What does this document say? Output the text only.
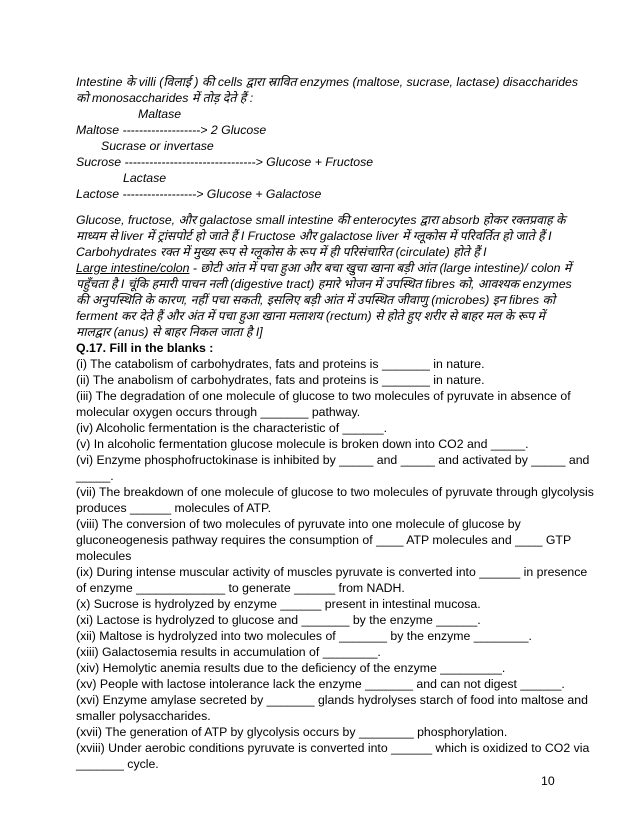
Intestine के villi (विलाई ) की cells द्वारा स्रावित enzymes (maltose, sucrase, lactase) disaccharides
को monosaccharides में तोड़ देते हैं :
Maltase
Maltose -------------------> 2 Glucose
Sucrase or invertase
Sucrose --------------------------------> Glucose + Fructose
Lactase
Lactose ------------------> Glucose + Galactose
Glucose, fructose, और galactose small intestine की enterocytes द्वारा absorb होकर रक्तप्रवाह के
माध्यम से liver में ट्रांसपोर्ट हो जाते हैं I Fructose और galactose liver में ग्लूकोस में परिवर्तित हो जाते हैं I
Carbohydrates रक्त में मुख्य रूप से ग्लूकोस के रूप में ही परिसंचारित (circulate) होते हैं I
Large intestine/colon - छोटी आंत में पचा हुआ और बचा खुचा खाना बड़ी आंत (large intestine)/ colon में
पहुँचता है I चूंकि हमारी पाचन नली (digestive tract) हमारे भोजन में उपस्थित fibres को, आवश्यक enzymes
की अनुपस्थिति के कारण, नहीं पचा सकती, इसलिए बड़ी आंत में उपस्थित जीवाणु (microbes) इन fibres को
ferment कर देते हैं और अंत में पचा हुआ खाना मलाशय (rectum) से होते हुए शरीर से बाहर मल के रूप में
मालद्वार (anus) से बाहर निकल जाता है I]
Q.17. Fill in the blanks :
(i) The catabolism of carbohydrates, fats and proteins is _______ in nature.
(ii) The anabolism of carbohydrates, fats and proteins is _______ in nature.
(iii) The degradation of one molecule of glucose to two molecules of pyruvate in absence of
molecular oxygen occurs through _______ pathway.
(iv) Alcoholic fermentation is the characteristic of ______.
(v) In alcoholic fermentation glucose molecule is broken down into CO2 and _____.
(vi) Enzyme phosphofructokinase is inhibited by _____ and _____ and activated by _____ and
_____.
(vii) The breakdown of one molecule of glucose to two molecules of pyruvate through glycolysis
produces ______ molecules of ATP.
(viii) The conversion of two molecules of pyruvate into one molecule of glucose by
gluconeogenesis pathway requires the consumption of ____ ATP molecules and ____ GTP
molecules
(ix) During intense muscular activity of muscles pyruvate is converted into ______ in presence
of enzyme _____________ to generate ______ from NADH.
(x) Sucrose is hydrolyzed by enzyme ______ present in intestinal mucosa.
(xi) Lactose is hydrolyzed to glucose and _______ by the enzyme ______.
(xii) Maltose is hydrolyzed into two molecules of _______ by the enzyme ________.
(xiii) Galactosemia results in accumulation of ________.
(xiv) Hemolytic anemia results due to the deficiency of the enzyme _________.
(xv) People with lactose intolerance lack the enzyme _______ and can not digest ______.
(xvi) Enzyme amylase secreted by _______ glands hydrolyses starch of food into maltose and
smaller polysaccharides.
(xvii) The generation of ATP by glycolysis occurs by ________ phosphorylation.
(xviii) Under aerobic conditions pyruvate is converted into ______ which is oxidized to CO2 via
_______ cycle.
10
